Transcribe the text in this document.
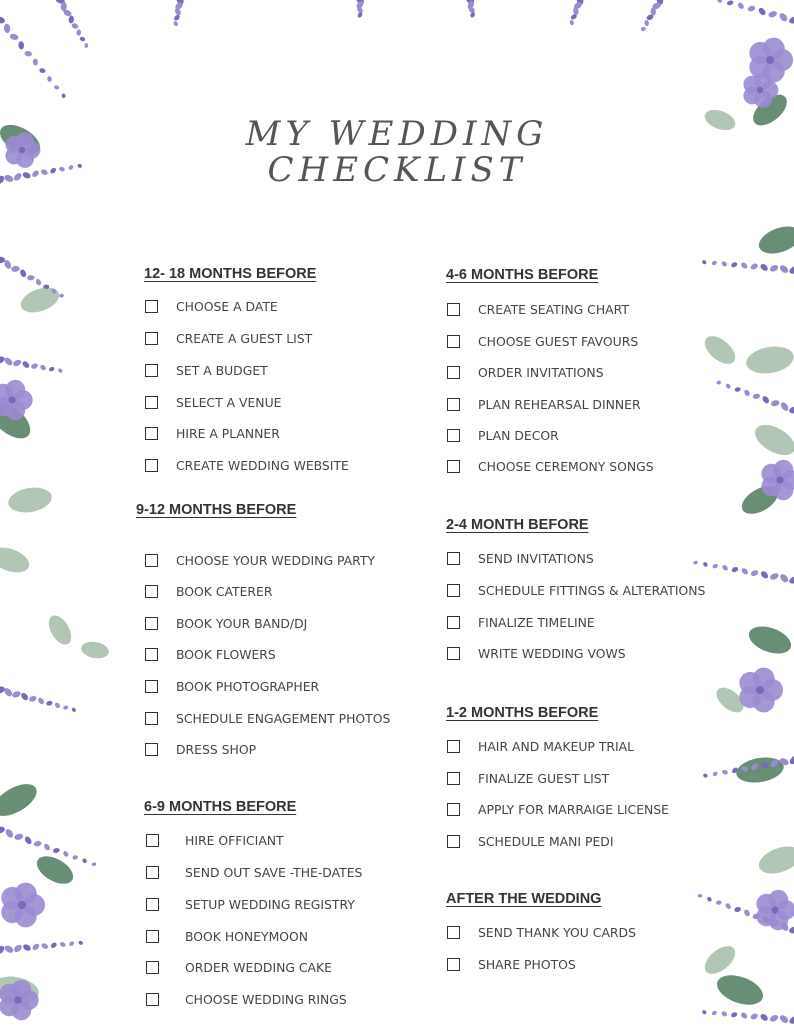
MY WEDDING
CHECKLIST
12- 18 MONTHS BEFORE
CHOOSE A DATE
CREATE A GUEST LIST
SET A BUDGET
SELECT A VENUE
HIRE A PLANNER
CREATE WEDDING WEBSITE
9-12 MONTHS BEFORE
CHOOSE YOUR WEDDING PARTY
BOOK CATERER
BOOK YOUR BAND/DJ
BOOK FLOWERS
BOOK PHOTOGRAPHER
SCHEDULE ENGAGEMENT PHOTOS
DRESS SHOP
6-9 MONTHS BEFORE
HIRE OFFICIANT
SEND OUT SAVE -THE-DATES
SETUP WEDDING REGISTRY
BOOK HONEYMOON
ORDER WEDDING CAKE
CHOOSE WEDDING RINGS
4-6 MONTHS BEFORE
CREATE SEATING CHART
CHOOSE GUEST FAVOURS
ORDER INVITATIONS
PLAN REHEARSAL DINNER
PLAN DECOR
CHOOSE CEREMONY SONGS
2-4 MONTH BEFORE
SEND INVITATIONS
SCHEDULE FITTINGS & ALTERATIONS
FINALIZE TIMELINE
WRITE WEDDING VOWS
1-2 MONTHS BEFORE
HAIR AND MAKEUP TRIAL
FINALIZE GUEST LIST
APPLY FOR MARRAIGE LICENSE
SCHEDULE MANI PEDI
AFTER THE WEDDING
SEND THANK YOU CARDS
SHARE PHOTOS
